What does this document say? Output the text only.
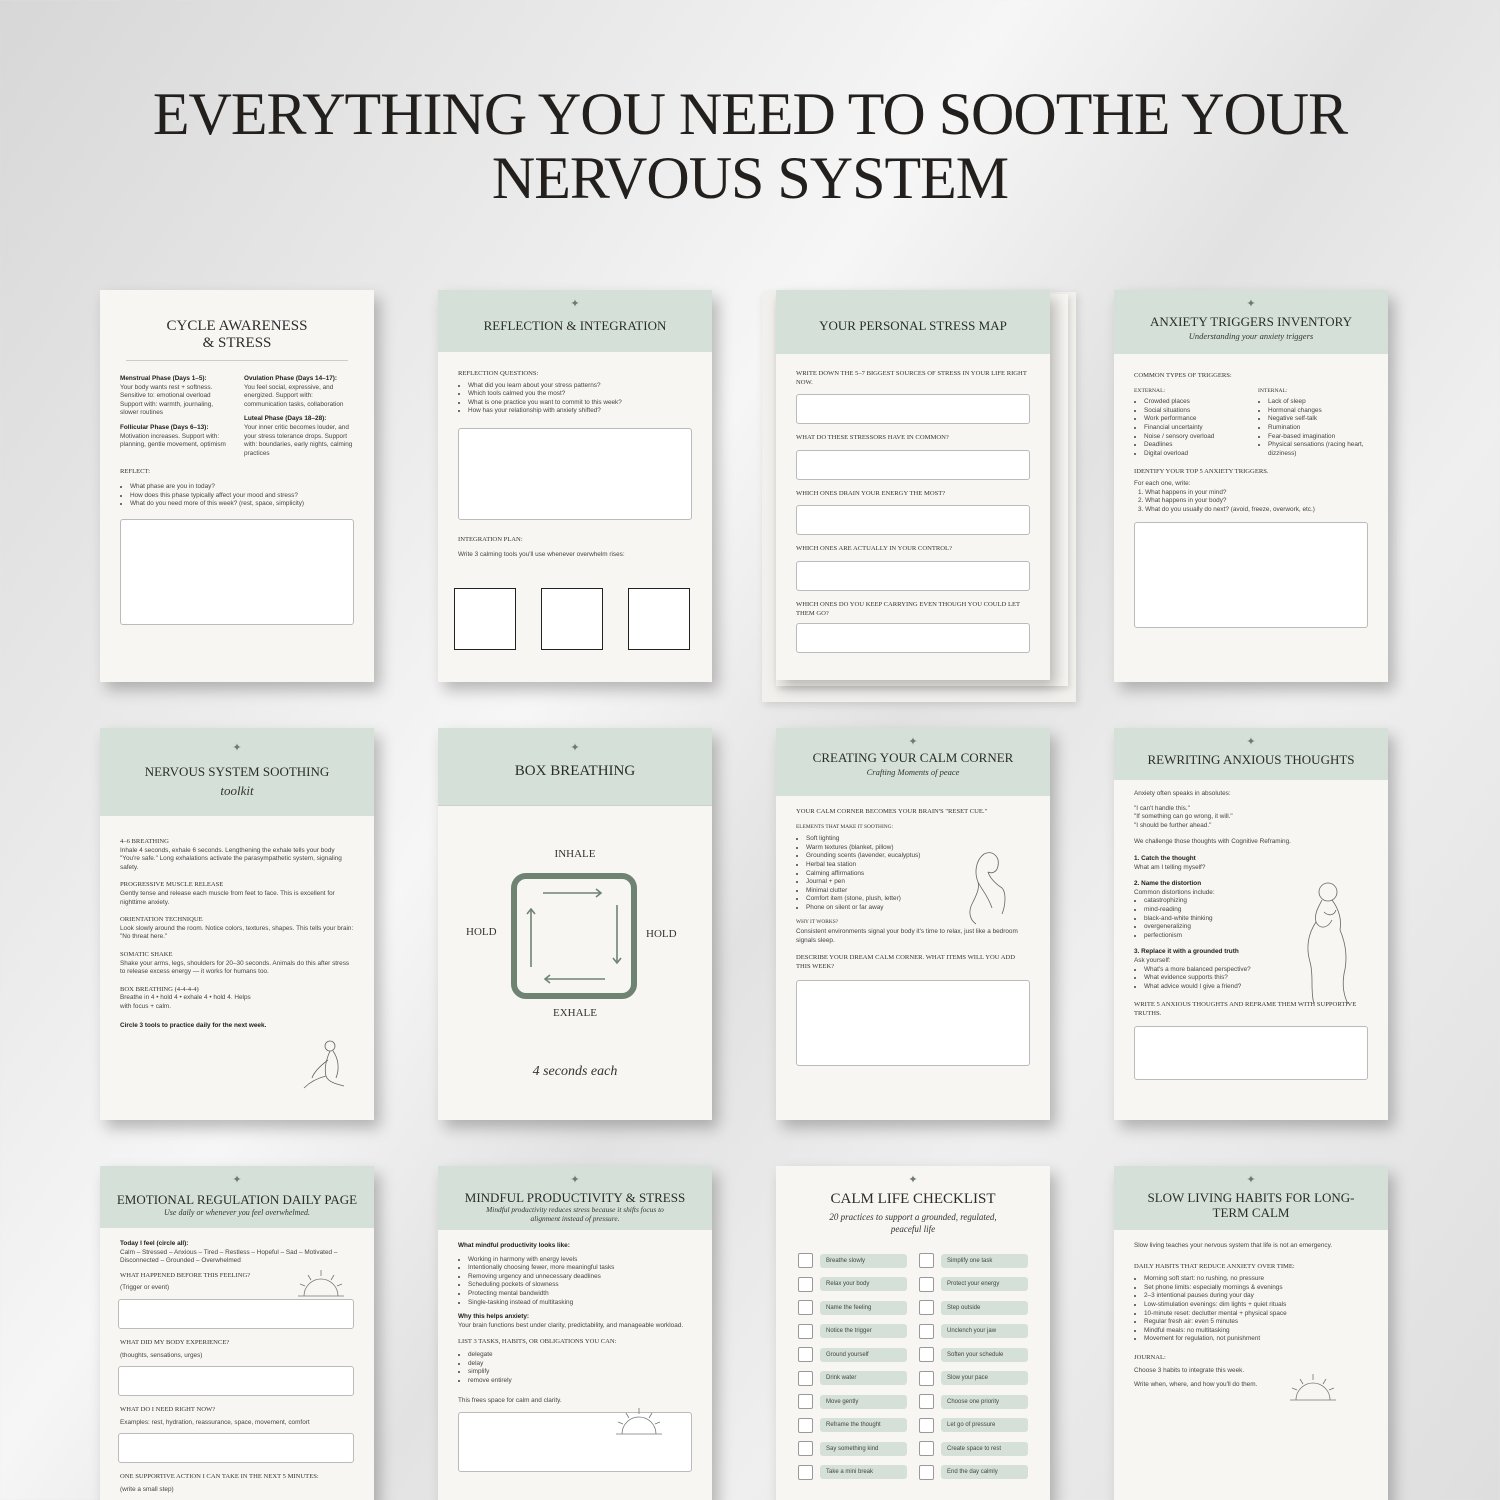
EVERYTHING YOU NEED TO SOOTHE YOUR
NERVOUS SYSTEM
CYCLE AWARENESS & STRESS
Menstrual Phase (Days 1–5):
Your body wants rest + softness. Sensitive to: emotional overload Support with: warmth, journaling, slower routines
Follicular Phase (Days 6–13):
Motivation increases. Support with: planning, gentle movement, optimism
Ovulation Phase (Days 14–17):
You feel social, expressive, and energized. Support with: communication tasks, collaboration
Luteal Phase (Days 18–28):
Your inner critic becomes louder, and your stress tolerance drops. Support with: boundaries, early nights, calming practices
REFLECT:
• What phase are you in today?
• How does this phase typically affect your mood and stress?
• What do you need more of this week? (rest, space, simplicity)
✦
REFLECTION & INTEGRATION
REFLECTION QUESTIONS:
• What did you learn about your stress patterns?
• Which tools calmed you the most?
• What is one practice you want to commit to this week?
• How has your relationship with anxiety shifted?
INTEGRATION PLAN:
Write 3 calming tools you'll use whenever overwhelm rises:
YOUR PERSONAL STRESS MAP
WRITE DOWN THE 5–7 BIGGEST SOURCES OF STRESS IN YOUR LIFE RIGHT NOW.
WHAT DO THESE STRESSORS HAVE IN COMMON?
WHICH ONES DRAIN YOUR ENERGY THE MOST?
WHICH ONES ARE ACTUALLY IN YOUR CONTROL?
WHICH ONES DO YOU KEEP CARRYING EVEN THOUGH YOU COULD LET THEM GO?
✦
ANXIETY TRIGGERS INVENTORY
Understanding your anxiety triggers
COMMON TYPES OF TRIGGERS:
EXTERNAL:
• Crowded places
• Social situations
• Work performance
• Financial uncertainty
• Noise / sensory overload
• Deadlines
• Digital overload
INTERNAL:
• Lack of sleep
• Hormonal changes
• Negative self-talk
• Rumination
• Fear-based imagination
• Physical sensations (racing heart, dizziness)
IDENTIFY YOUR TOP 5 ANXIETY TRIGGERS.
For each one, write:
1. What happens in your mind?
2. What happens in your body?
3. What do you usually do next? (avoid, freeze, overwork, etc.)
✦
NERVOUS SYSTEM SOOTHING
toolkit
4–6 BREATHING
Inhale 4 seconds, exhale 6 seconds. Lengthening the exhale tells your body "You're safe." Long exhalations activate the parasympathetic system, signaling safety.
PROGRESSIVE MUSCLE RELEASE
Gently tense and release each muscle from feet to face. This is excellent for nighttime anxiety.
ORIENTATION TECHNIQUE
Look slowly around the room. Notice colors, textures, shapes. This tells your brain: "No threat here."
SOMATIC SHAKE
Shake your arms, legs, shoulders for 20–30 seconds. Animals do this after stress to release excess energy — it works for humans too.
BOX BREATHING (4-4-4-4)
Breathe in 4 • hold 4 • exhale 4 • hold 4. Helps with focus + calm.
Circle 3 tools to practice daily for the next week.
✦
BOX BREATHING
INHALE
HOLD	HOLD
EXHALE
4 seconds each
✦
CREATING YOUR CALM CORNER
Crafting Moments of peace
YOUR CALM CORNER BECOMES YOUR BRAIN'S "RESET CUE."
ELEMENTS THAT MAKE IT SOOTHING:
• Soft lighting
• Warm textures (blanket, pillow)
• Grounding scents (lavender, eucalyptus)
• Herbal tea station
• Calming affirmations
• Journal + pen
• Minimal clutter
• Comfort item (stone, plush, letter)
• Phone on silent or far away
WHY IT WORKS?
Consistent environments signal your body it's time to relax, just like a bedroom signals sleep.
DESCRIBE YOUR DREAM CALM CORNER. WHAT ITEMS WILL YOU ADD THIS WEEK?
✦
REWRITING ANXIOUS THOUGHTS
Anxiety often speaks in absolutes:
"I can't handle this."
"If something can go wrong, it will."
"I should be further ahead."
We challenge those thoughts with Cognitive Reframing.
1. Catch the thought
What am I telling myself?
2. Name the distortion
Common distortions include:
• catastrophizing
• mind-reading
• black-and-white thinking
• overgeneralizing
• perfectionism
3. Replace it with a grounded truth
Ask yourself:
• What's a more balanced perspective?
• What evidence supports this?
• What advice would I give a friend?
WRITE 5 ANXIOUS THOUGHTS AND REFRAME THEM WITH SUPPORTIVE TRUTHS.
✦
EMOTIONAL REGULATION DAILY PAGE
Use daily or whenever you feel overwhelmed.
Today I feel (circle all):
Calm – Stressed – Anxious – Tired – Restless – Hopeful – Sad – Motivated – Disconnected – Grounded – Overwhelmed
WHAT HAPPENED BEFORE THIS FEELING?
(Trigger or event)
WHAT DID MY BODY EXPERIENCE?
(thoughts, sensations, urges)
WHAT DO I NEED RIGHT NOW?
Examples: rest, hydration, reassurance, space, movement, comfort
ONE SUPPORTIVE ACTION I CAN TAKE IN THE NEXT 5 MINUTES:
(write a small step)
✦
MINDFUL PRODUCTIVITY & STRESS
Mindful productivity reduces stress because it shifts focus to alignment instead of pressure.
What mindful productivity looks like:
• Working in harmony with energy levels
• Intentionally choosing fewer, more meaningful tasks
• Removing urgency and unnecessary deadlines
• Scheduling pockets of slowness
• Protecting mental bandwidth
• Single-tasking instead of multitasking
Why this helps anxiety:
Your brain functions best under clarity, predictability, and manageable workload.
LIST 3 TASKS, HABITS, OR OBLIGATIONS YOU CAN:
• delegate
• delay
• simplify
• remove entirely
This frees space for calm and clarity.
✦
CALM LIFE CHECKLIST
20 practices to support a grounded, regulated, peaceful life
Breathe slowly
Relax your body
Name the feeling
Notice the trigger
Ground yourself
Drink water
Move gently
Reframe the thought
Say something kind
Take a mini break
Simplify one task
Protect your energy
Step outside
Unclench your jaw
Soften your schedule
Slow your pace
Choose one priority
Let go of pressure
Create space to rest
End the day calmly
✦
SLOW LIVING HABITS FOR LONG-TERM CALM
Slow living teaches your nervous system that life is not an emergency.
DAILY HABITS THAT REDUCE ANXIETY OVER TIME:
• Morning soft start: no rushing, no pressure
• Set phone limits: especially mornings & evenings
• 2–3 intentional pauses during your day
• Low-stimulation evenings: dim lights + quiet rituals
• 10-minute reset: declutter mental + physical space
• Regular fresh air: even 5 minutes
• Mindful meals: no multitasking
• Movement for regulation, not punishment
JOURNAL:
Choose 3 habits to integrate this week.
Write when, where, and how you'll do them.
